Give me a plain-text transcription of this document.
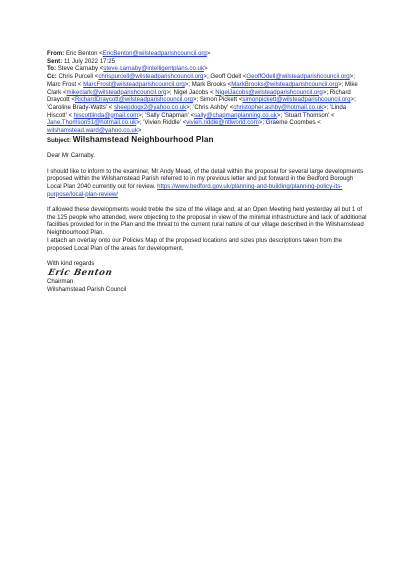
From: Eric Benton <EricBenton@wilsteadparishcouncil.org>
Sent: 11 July 2022 17:25
To: Steve Carnaby <steve.carnaby@intelligentplans.co.uk>
Cc: Chris Purcell <chrispurcell@wilsteadparishcouncil.org>; Geoff Odell <GeoffOdell@wilsteadparishcouncil.org>; Marc Frost < MarcFrost@wilsteadparishcouncil.org>; Mark Brooks <MarkBrooks@wilsteadparishcouncil.org>; Mike Clark <mikeclark@wilsteadparishcouncil.org>; Nigel Jacobs < NigelJacobs@wilsteadparishcouncil.org>; Richard Draycott <RichardDraycott@wilsteadparishcouncil.org>; Simon Pickett <simonpickett@wilsteadparishcouncil.org>; 'Caroline Brady-Watts' < sheepdogx2@yahoo.co.uk>; 'Chris Ashby' <christopher.ashby@hotmail.co.uk>; 'Linda Hiscott' < hiscottlinda@gmail.com>; 'Sally Chapman' <sally@chapmanplanning.co.uk>; 'Stuart Thomson' < Jane.Thomson51@hotmail.co.uk>; 'Vivien Riddle' <vivien.riddle@ntlworld.com>; Graeme Coombes < wilshamstead.ward@yahoo.co.uk>
Subject: Wilshamstead Neighbourhood Plan
Dear Mr Carnaby.
I should like to inform to the examiner, Mr Andy Mead, of the detail within the proposal for several large developments proposed within the Wilshamstead Parish referred to in my previous letter and put forward in the Bedford Borough Local Plan 2040 currently out for review. https://www.bedford.gov.uk/planning-and-building/planning-policy-its-purpose/local-plan-review/
If allowed these developments would treble the size of the village and, at an Open Meeting held yesterday all but 1 of the 125 people who attended, were objecting to the proposal in view of the minimal infrastructure and lack of additional facilities provided for in the Plan and the threat to the current rural nature of our village described in the Wilshamstead Neighbourhood Plan.
I attach an overlay onto our Policies Map of the proposed locations and sizes plus descriptions taken from the proposed Local Plan of the areas for development.
With kind regards
Eric Benton
Chairman
Wilshamstead Parish Council
